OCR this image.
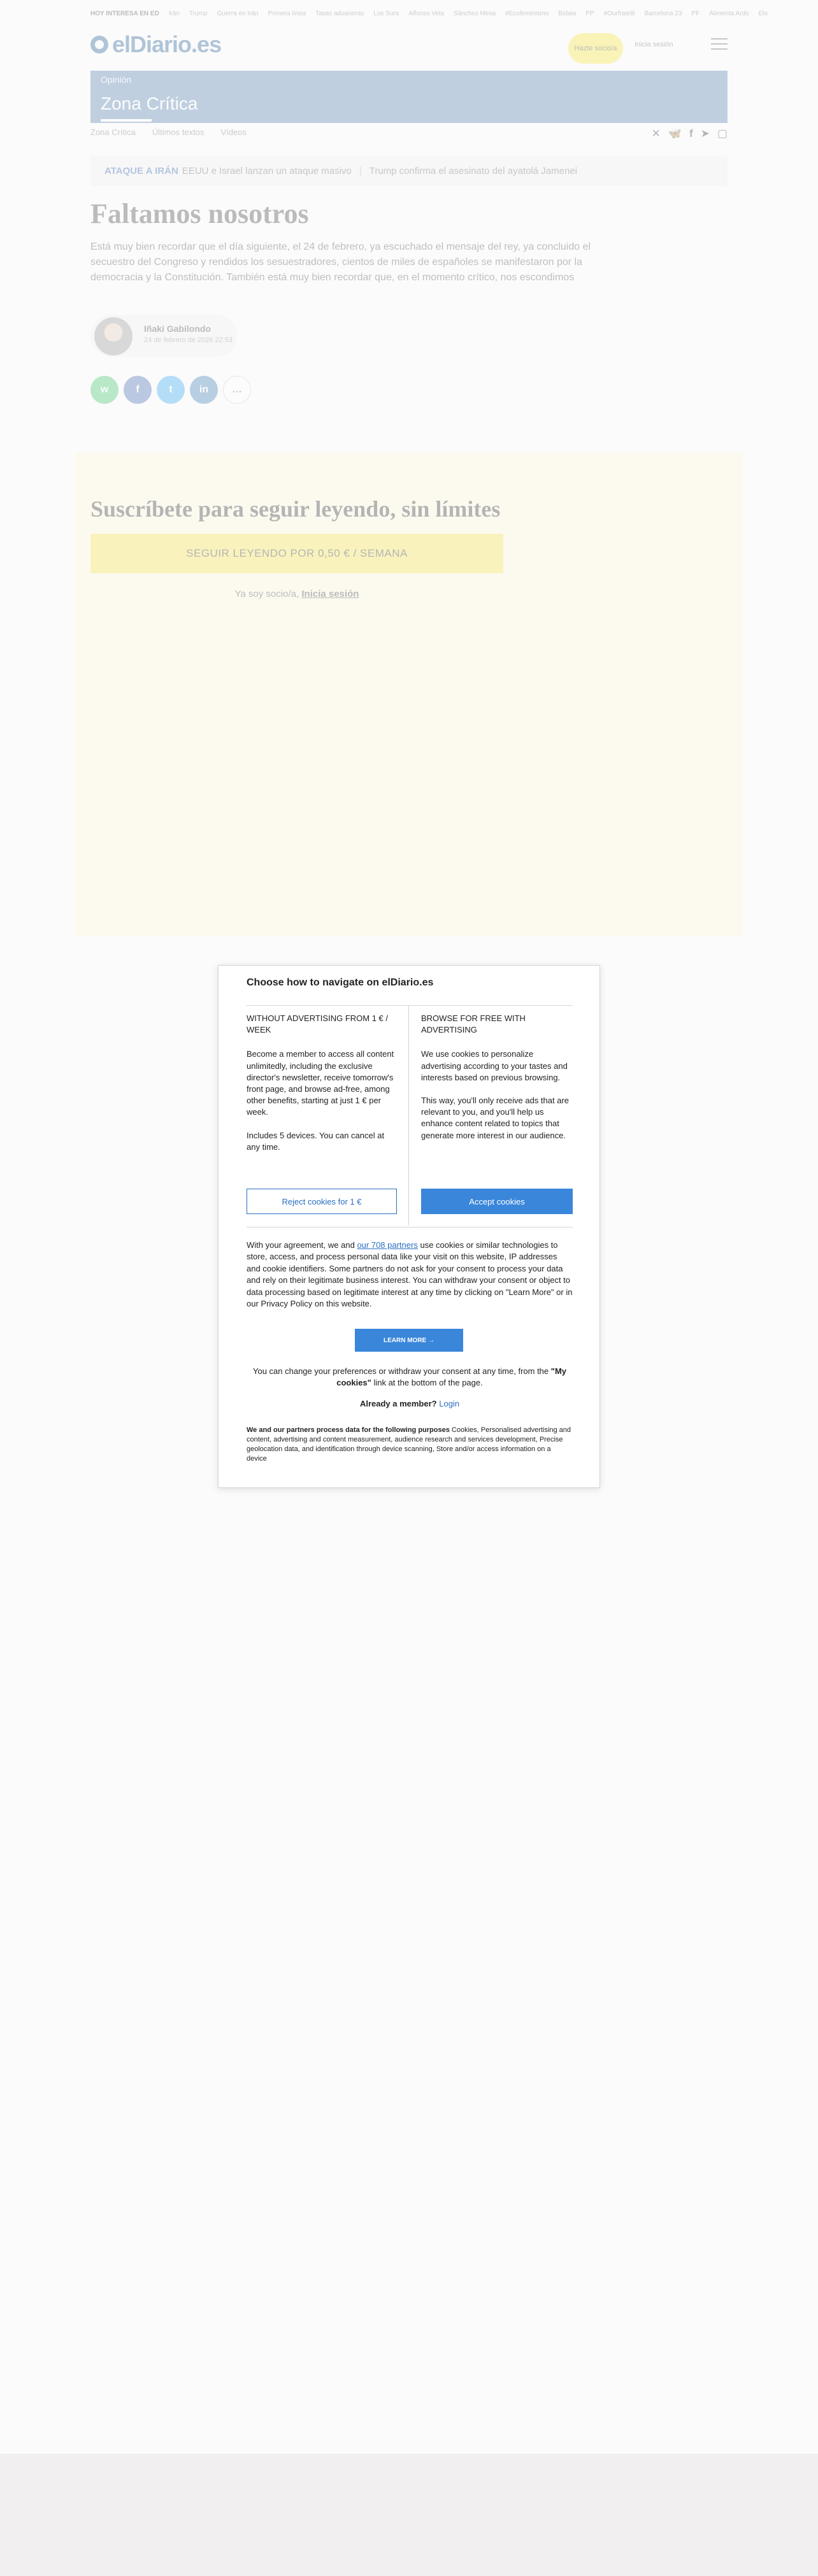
HOY INTERESA EN ED Irán Trump Guerra en Irán Primera línea Tasas aduaneras Los Sura Alfonso Vela Sánchez Mesa #Ecofeminismo Bidaia PP #Ourfratelli Barcelona 23 PF Alimenta Ardo Elo
elDiario.es	Hazte socio/a	Inicia sesión
Opinión
Zona Crítica
Zona Crítica Últimos textos Vídeos	✕ 🦋 f ➤ ▢
ATAQUE A IRÁN EEUU e Israel lanzan un ataque masivo | Trump confirma el asesinato del ayatolá Jamenei
Faltamos nosotros

Está muy bien recordar que el día siguiente, el 24 de febrero, ya escuchado el mensaje del rey, ya concluido el secuestro del Congreso y rendidos los sesuestradores, cientos de miles de españoles se manifestaron por la democracia y la Constitución. También está muy bien recordar que, en el momento crítico, nos escondimos

Iñaki Gabilondo
24 de febrero de 2026 22:53
w	f	t	in	…
Suscríbete para seguir leyendo, sin límites
SEGUIR LEYENDO POR 0,50 € / SEMANA
Ya soy socio/a, Inicia sesión
Choose how to navigate on elDiario.es
WITHOUT ADVERTISING FROM 1 € / WEEK

Become a member to access all content unlimitedly, including the exclusive director's newsletter, receive tomorrow's front page, and browse ad-free, among other benefits, starting at just 1 € per week.

Includes 5 devices. You can cancel at any time.

BROWSE FOR FREE WITH ADVERTISING

We use cookies to personalize advertising according to your tastes and interests based on previous browsing.

This way, you'll only receive ads that are relevant to you, and you'll help us enhance content related to topics that generate more interest in our audience.

Reject cookies for 1 €	Accept cookies
With your agreement, we and our 708 partners use cookies or similar technologies to store, access, and process personal data like your visit on this website, IP addresses and cookie identifiers. Some partners do not ask for your consent to process your data and rely on their legitimate business interest. You can withdraw your consent or object to data processing based on legitimate interest at any time by clicking on "Learn More" or in our Privacy Policy on this website.
LEARN MORE →
You can change your preferences or withdraw your consent at any time, from the "My cookies" link at the bottom of the page.
Already a member? Login
We and our partners process data for the following purposes Cookies, Personalised advertising and content, advertising and content measurement, audience research and services development, Precise geolocation data, and identification through device scanning, Store and/or access information on a device
